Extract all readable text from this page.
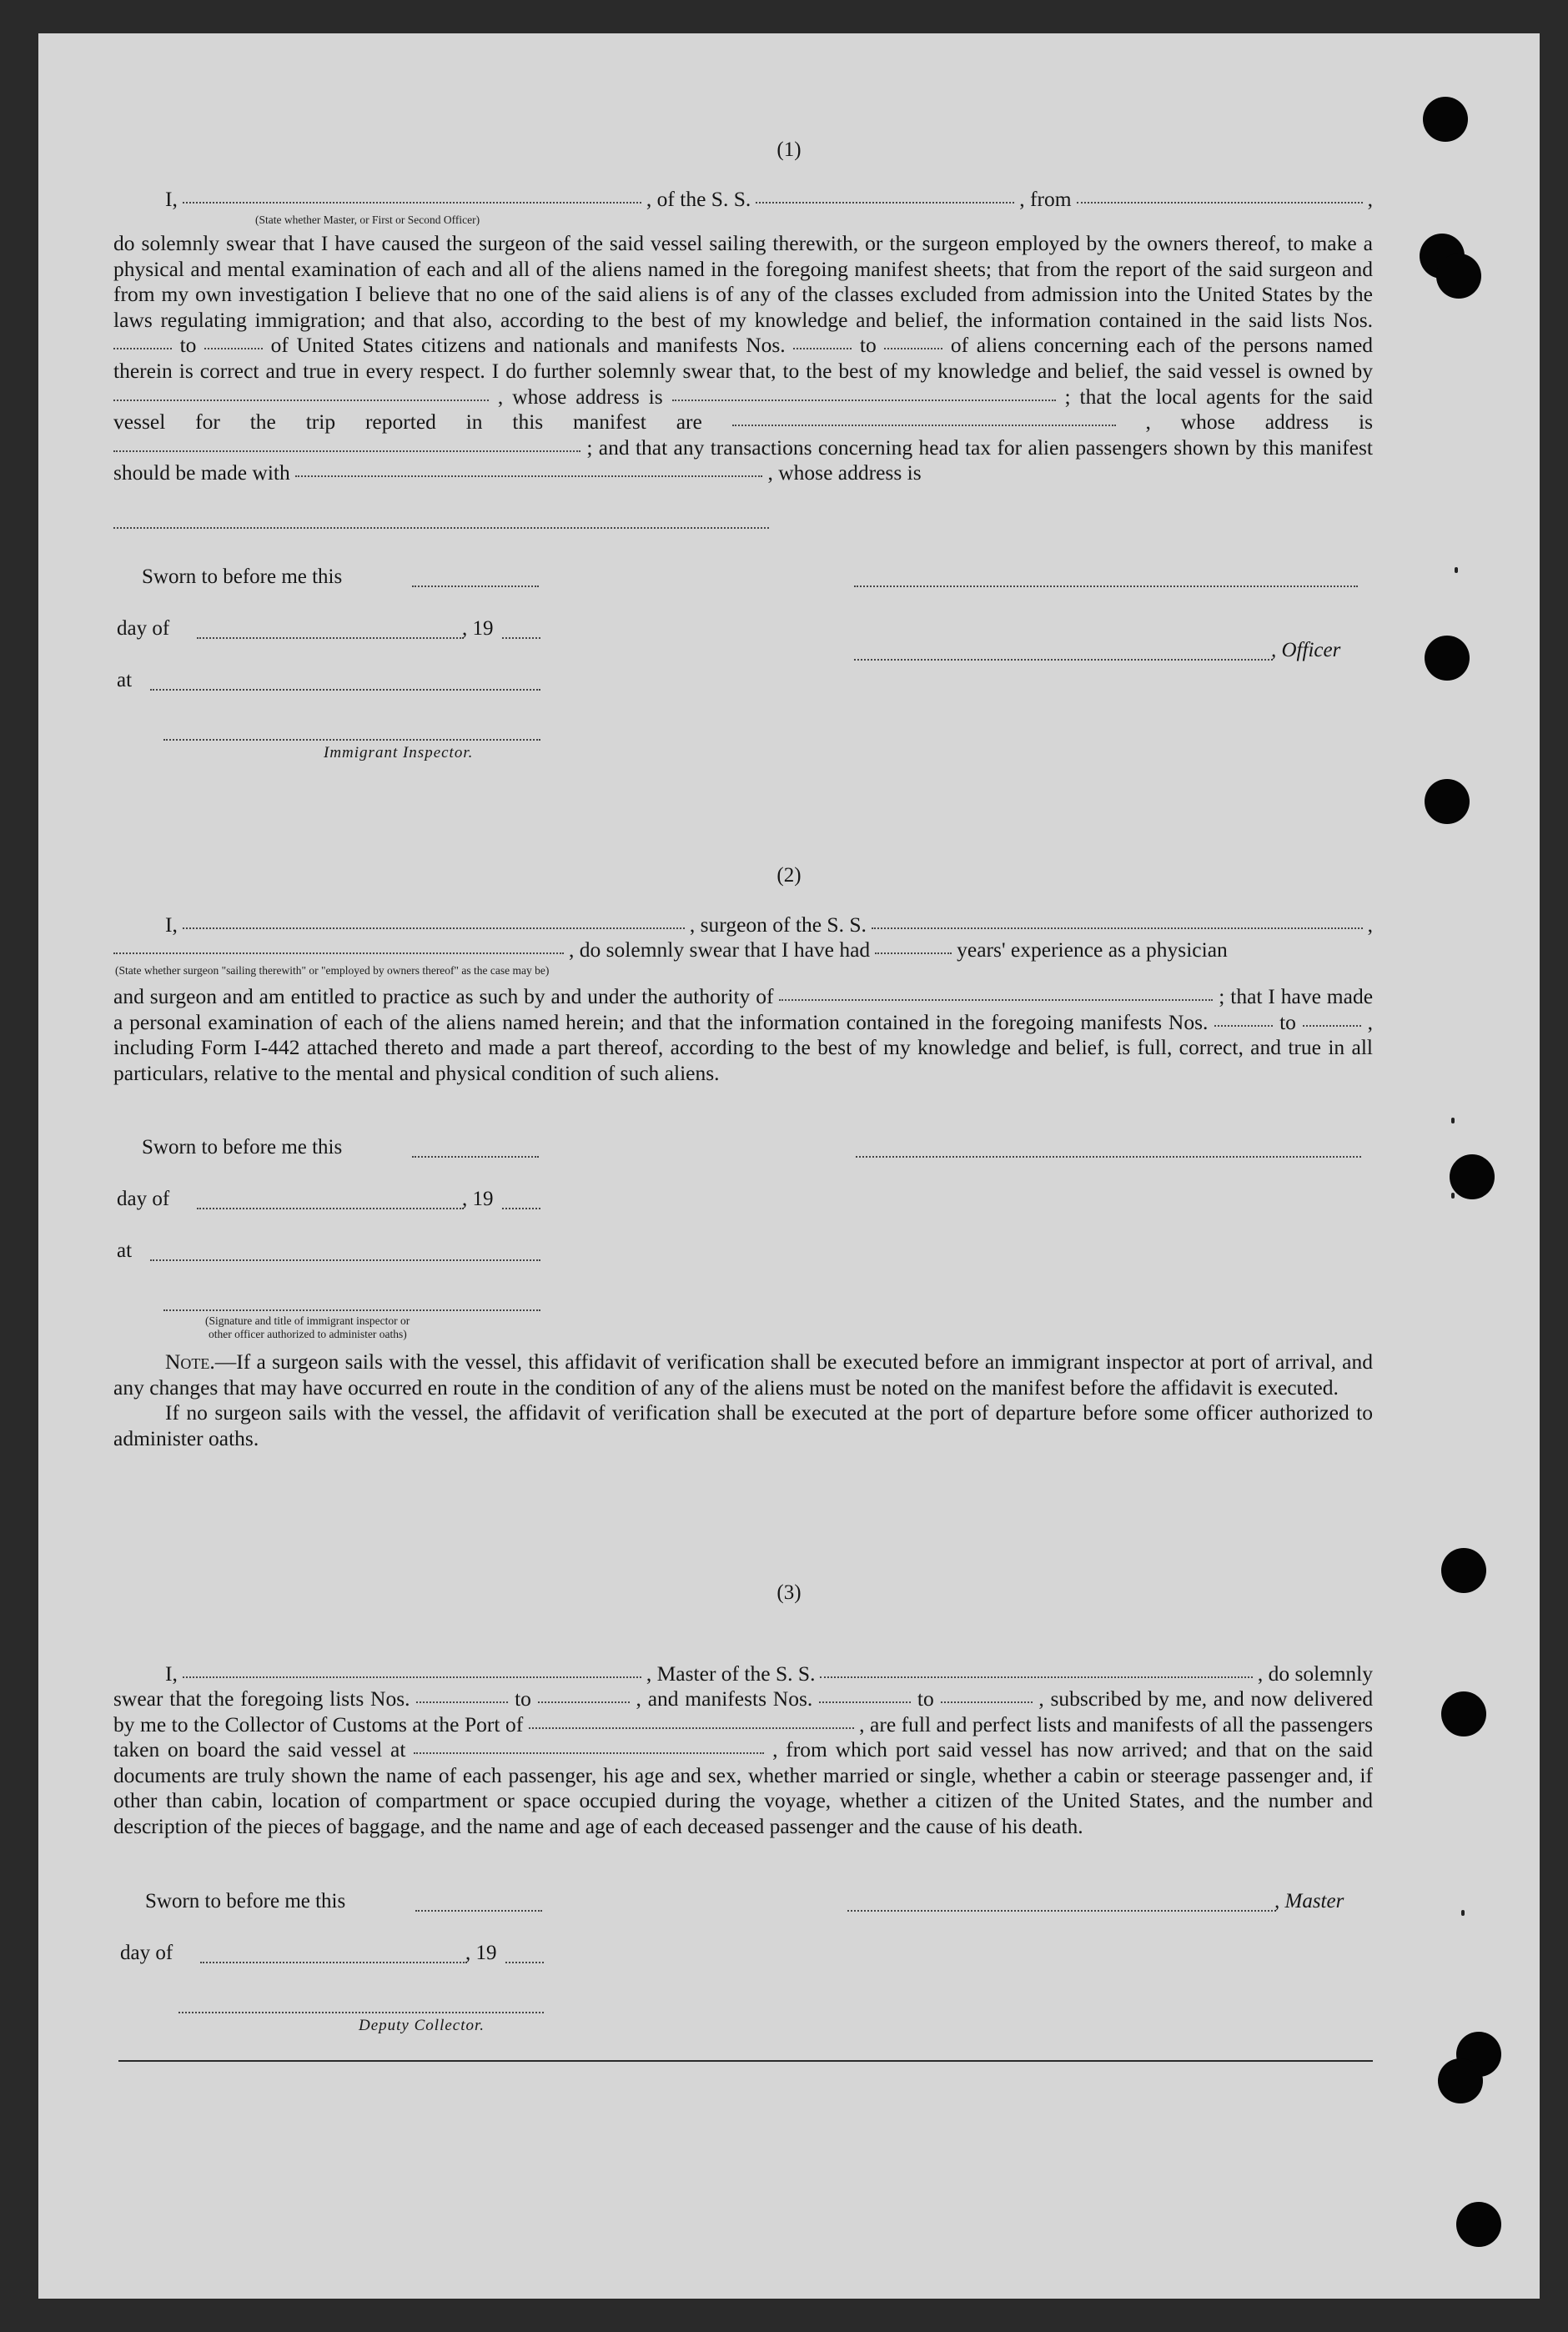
(1)
I,	, of the S. S.	, from	,
(State whether Master, or First or Second Officer)

do solemnly swear that I have caused the surgeon of the said vessel sailing therewith, or the surgeon employed by the owners thereof, to make a physical and mental examination of each and all of the aliens named in the foregoing manifest sheets; that from the report of the said surgeon and from my own investigation I believe that no one of the said aliens is of any of the classes excluded from admission into the United States by the laws regulating immigration; and that also, according to the best of my knowledge and belief, the information contained in the said lists Nos.  to	of United States citizens and nationals and manifests Nos.	to	of aliens concerning each of the persons named therein is correct and true in every respect. I do further solemnly swear that, to the best of my knowledge and belief, the said vessel is owned by  , whose address is	; that the local agents for the said vessel for the trip reported in this manifest are	, whose address is  ; and that any transactions concerning head tax for alien passengers shown by this manifest should be made with	, whose address is

Sworn to before me this
day of	, 19
, Officer
at
Immigrant Inspector.
(2)
I,	, surgeon of the S. S.	,
, do solemnly swear that I have had	years' experience as a physician
(State whether surgeon "sailing therewith" or "employed by owners thereof" as the case may be)

and surgeon and am entitled to practice as such by and under the authority of	; that I have made a personal examination of each of the aliens named herein; and that the information contained in the foregoing manifests Nos.	to	, including Form I-442 attached thereto and made a part thereof, according to the best of my knowledge and belief, is full, correct, and true in all particulars, relative to the mental and physical condition of such aliens.

Sworn to before me this
day of	, 19
at
(Signature and title of immigrant inspector or
other officer authorized to administer oaths)

Note.—If a surgeon sails with the vessel, this affidavit of verification shall be executed before an immigrant inspector at port of arrival, and any changes that may have occurred en route in the condition of any of the aliens must be noted on the manifest before the affidavit is executed.

If no surgeon sails with the vessel, the affidavit of verification shall be executed at the port of departure before some officer authorized to administer oaths.

(3)
I,	, Master of the S. S.	, do solemnly

swear that the foregoing lists Nos.	to	, and manifests Nos.	to	, subscribed by me, and now delivered by me to the Collector of Customs at the Port of	, are full and perfect lists and manifests of all the passengers taken on board the said vessel at	, from which port said vessel has now arrived; and that on the said documents are truly shown the name of each passenger, his age and sex, whether married or single, whether a cabin or steerage passenger and, if other than cabin, location of compartment or space occupied during the voyage, whether a citizen of the United States, and the number and description of the pieces of baggage, and the name and age of each deceased passenger and the cause of his death.

Sworn to before me this	, Master
day of	, 19
Deputy Collector.
